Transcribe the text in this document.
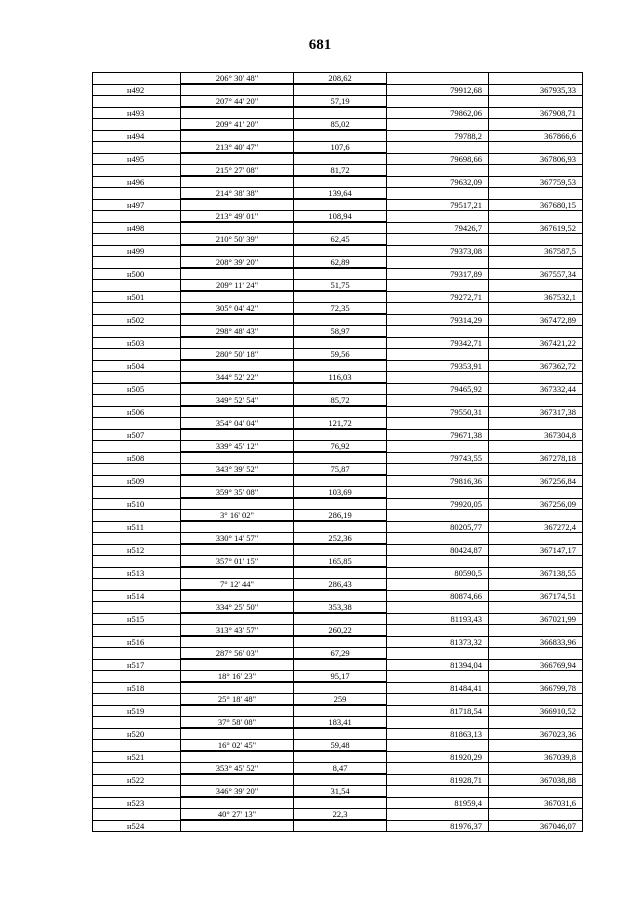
681
	206° 30' 48"	208,62		
н492			79912,68	367935,33
	207° 44' 20"	57,19		
н493			79862,06	367908,71
	209° 41' 20"	85,02		
н494			79788,2	367866,6
	213° 40' 47"	107,6		
н495			79698,66	367806,93
	215° 27' 08"	81,72		
н496			79632,09	367759,53
	214° 38' 38"	139,64		
н497			79517,21	367680,15
	213° 49' 01"	108,94		
н498			79426,7	367619,52
	210° 50' 39"	62,45		
н499			79373,08	367587,5
	208° 39' 20"	62,89		
н500			79317,89	367557,34
	209° 11' 24"	51,75		
н501			79272,71	367532,1
	305° 04' 42"	72,35		
н502			79314,29	367472,89
	298° 48' 43"	58,97		
н503			79342,71	367421,22
	280° 50' 18"	59,56		
н504			79353,91	367362,72
	344° 52' 22"	116,03		
н505			79465,92	367332,44
	349° 52' 54"	85,72		
н506			79550,31	367317,38
	354° 04' 04"	121,72		
н507			79671,38	367304,8
	339° 45' 12"	76,92		
н508			79743,55	367278,18
	343° 39' 52"	75,87		
н509			79816,36	367256,84
	359° 35' 08"	103,69		
н510			79920,05	367256,09
	3° 16' 02"	286,19		
н511			80205,77	367272,4
	330° 14' 57"	252,36		
н512			80424,87	367147,17
	357° 01' 15"	165,85		
н513			80590,5	367138,55
	7° 12' 44"	286,43		
н514			80874,66	367174,51
	334° 25' 50"	353,38		
н515			81193,43	367021,99
	313° 43' 57"	260,22		
н516			81373,32	366833,96
	287° 56' 03"	67,29		
н517			81394,04	366769,94
	18° 16' 23"	95,17		
н518			81484,41	366799,78
	25° 18' 48"	259		
н519			81718,54	366910,52
	37° 58' 08"	183,41		
н520			81863,13	367023,36
	16° 02' 45"	59,48		
н521			81920,29	367039,8
	353° 45' 52"	8,47		
н522			81928,71	367038,88
	346° 39' 20"	31,54		
н523			81959,4	367031,6
	40° 27' 13"	22,3		
н524			81976,37	367046,07
